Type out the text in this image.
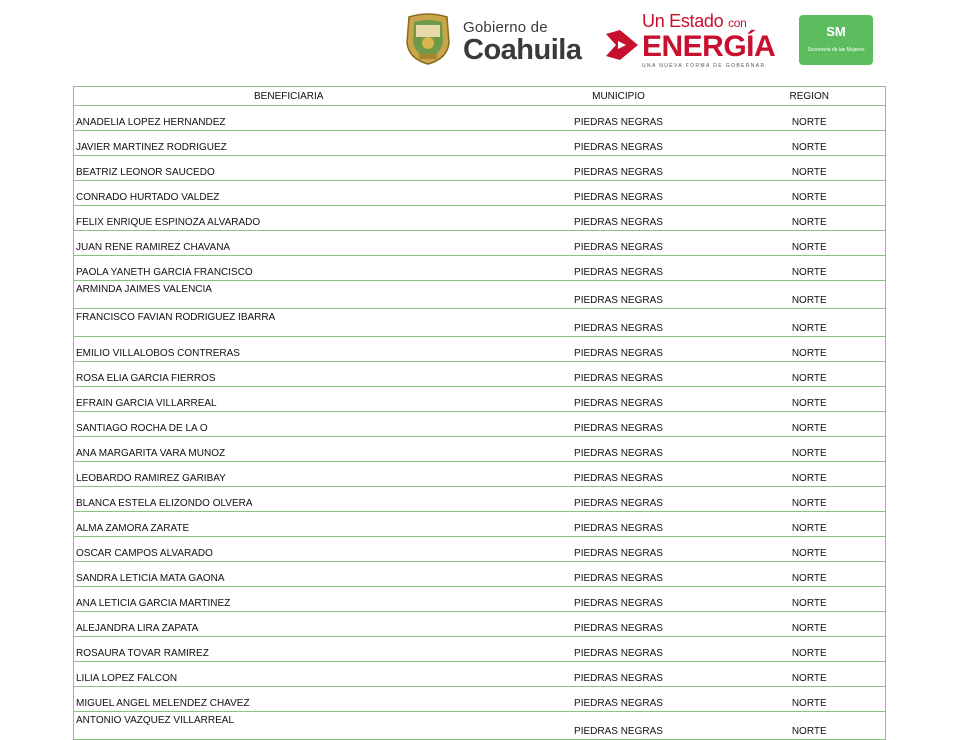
Gobierno de
Coahuila
Un Estado con
ENERGÍA
UNA NUEVA FORMA DE GOBERNAR
SM
Secretaría de las Mujeres
BENEFICIARIA	MUNICIPIO	REGION
ANADELIA LOPEZ HERNANDEZ	PIEDRAS NEGRAS	NORTE
JAVIER MARTINEZ RODRIGUEZ	PIEDRAS NEGRAS	NORTE
BEATRIZ LEONOR SAUCEDO	PIEDRAS NEGRAS	NORTE
CONRADO HURTADO VALDEZ	PIEDRAS NEGRAS	NORTE
FELIX ENRIQUE ESPINOZA ALVARADO	PIEDRAS NEGRAS	NORTE
JUAN RENE RAMIREZ CHAVANA	PIEDRAS NEGRAS	NORTE
PAOLA YANETH GARCIA FRANCISCO	PIEDRAS NEGRAS	NORTE
ARMINDA JAIMES VALENCIA	PIEDRAS NEGRAS	NORTE
FRANCISCO FAVIAN RODRIGUEZ IBARRA	PIEDRAS NEGRAS	NORTE
EMILIO VILLALOBOS CONTRERAS	PIEDRAS NEGRAS	NORTE
ROSA ELIA GARCIA FIERROS	PIEDRAS NEGRAS	NORTE
EFRAIN GARCIA VILLARREAL	PIEDRAS NEGRAS	NORTE
SANTIAGO ROCHA DE LA O	PIEDRAS NEGRAS	NORTE
ANA MARGARITA VARA MUNOZ	PIEDRAS NEGRAS	NORTE
LEOBARDO RAMIREZ GARIBAY	PIEDRAS NEGRAS	NORTE
BLANCA ESTELA ELIZONDO OLVERA	PIEDRAS NEGRAS	NORTE
ALMA ZAMORA ZARATE	PIEDRAS NEGRAS	NORTE
OSCAR CAMPOS ALVARADO	PIEDRAS NEGRAS	NORTE
SANDRA LETICIA MATA GAONA	PIEDRAS NEGRAS	NORTE
ANA LETICIA GARCIA MARTINEZ	PIEDRAS NEGRAS	NORTE
ALEJANDRA LIRA ZAPATA	PIEDRAS NEGRAS	NORTE
ROSAURA TOVAR RAMIREZ	PIEDRAS NEGRAS	NORTE
LILIA LOPEZ FALCON	PIEDRAS NEGRAS	NORTE
MIGUEL ANGEL MELENDEZ CHAVEZ	PIEDRAS NEGRAS	NORTE
ANTONIO VAZQUEZ VILLARREAL	PIEDRAS NEGRAS	NORTE
